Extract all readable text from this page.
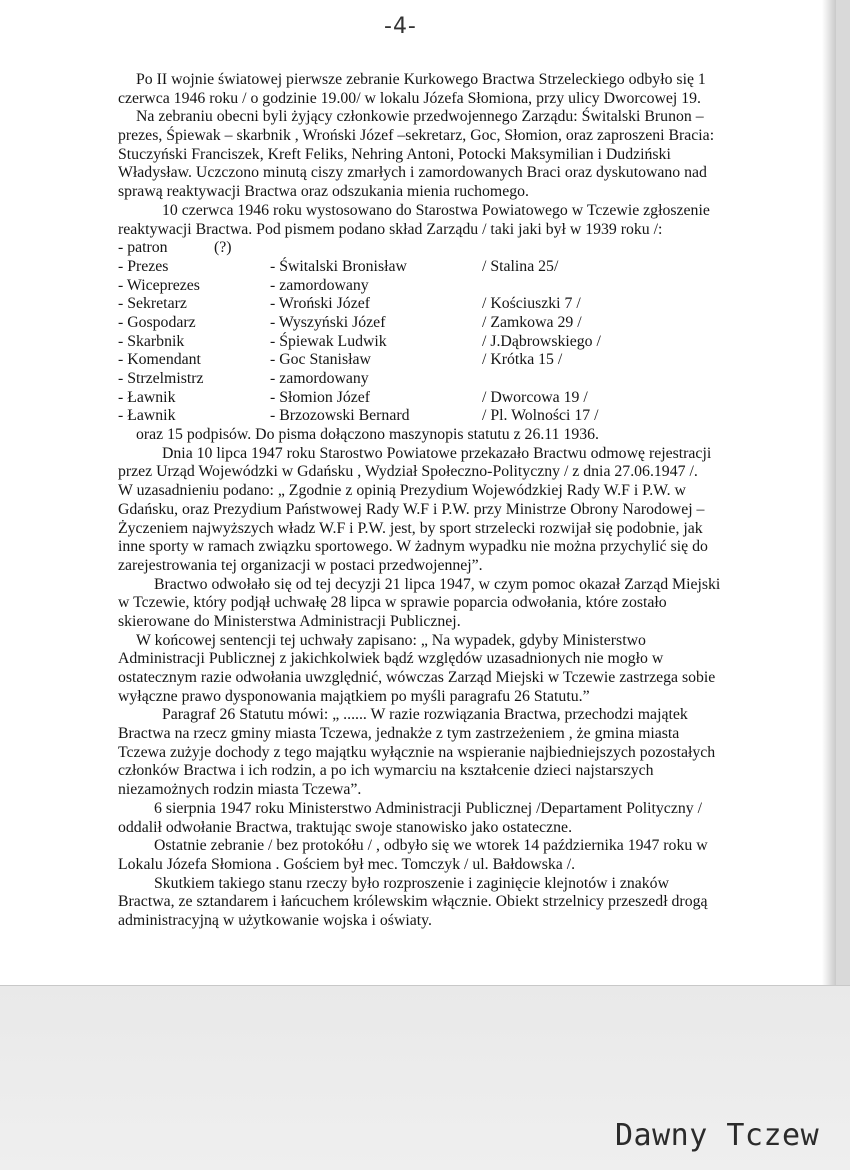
-4-
Po II wojnie światowej pierwsze zebranie Kurkowego Bractwa Strzeleckiego odbyło się 1
czerwca 1946 roku / o godzinie 19.00/ w lokalu Józefa Słomiona, przy ulicy Dworcowej 19.
Na zebraniu obecni byli żyjący członkowie przedwojennego Zarządu: Świtalski Brunon –
prezes, Śpiewak – skarbnik , Wroński Józef –sekretarz, Goc, Słomion, oraz zaproszeni Bracia:
Stuczyński Franciszek, Kreft Feliks, Nehring Antoni, Potocki Maksymilian i Dudziński
Władysław. Uczczono minutą ciszy zmarłych i zamordowanych Braci oraz dyskutowano nad
sprawą reaktywacji Bractwa oraz odszukania mienia ruchomego.
10 czerwca 1946 roku wystosowano do Starostwa Powiatowego w Tczewie zgłoszenie
reaktywacji Bractwa. Pod pismem podano skład Zarządu / taki jaki był w 1939 roku /:
- patron	(?)
- Prezes	- Świtalski Bronisław	/ Stalina 25/
- Wiceprezes	- zamordowany
- Sekretarz	- Wroński Józef	/ Kościuszki 7 /
- Gospodarz	- Wyszyński Józef	/ Zamkowa 29 /
- Skarbnik	- Śpiewak Ludwik	/ J.Dąbrowskiego /
- Komendant	- Goc Stanisław	/ Krótka 15 /
- Strzelmistrz	- zamordowany
- Ławnik	- Słomion Józef	/ Dworcowa 19 /
- Ławnik	- Brzozowski Bernard	/ Pl. Wolności 17 /
oraz 15 podpisów. Do pisma dołączono maszynopis statutu z 26.11 1936.
Dnia 10 lipca 1947 roku Starostwo Powiatowe przekazało Bractwu odmowę rejestracji
przez Urząd Wojewódzki w Gdańsku , Wydział Społeczno-Polityczny / z dnia 27.06.1947 /.
W uzasadnieniu podano: „ Zgodnie z opinią Prezydium Wojewódzkiej Rady W.F i P.W. w
Gdańsku, oraz Prezydium Państwowej Rady W.F i P.W. przy Ministrze Obrony Narodowej –
Życzeniem najwyższych władz W.F i P.W. jest, by sport strzelecki rozwijał się podobnie, jak
inne sporty w ramach związku sportowego. W żadnym wypadku nie można przychylić się do
zarejestrowania tej organizacji w postaci przedwojennej”.
Bractwo odwołało się od tej decyzji 21 lipca 1947, w czym pomoc okazał Zarząd Miejski
w Tczewie, który podjął uchwałę 28 lipca w sprawie poparcia odwołania, które zostało
skierowane do Ministerstwa Administracji Publicznej.
W końcowej sentencji tej uchwały zapisano: „ Na wypadek, gdyby Ministerstwo
Administracji Publicznej z jakichkolwiek bądź względów uzasadnionych nie mogło w
ostatecznym razie odwołania uwzględnić, wówczas Zarząd Miejski w Tczewie zastrzega sobie
wyłączne prawo dysponowania majątkiem po myśli paragrafu 26 Statutu.”
Paragraf 26 Statutu mówi: „ ...... W razie rozwiązania Bractwa, przechodzi majątek
Bractwa na rzecz gminy miasta Tczewa, jednakże z tym zastrzeżeniem , że gmina miasta
Tczewa zużyje dochody z tego majątku wyłącznie na wspieranie najbiedniejszych pozostałych
członków Bractwa i ich rodzin, a po ich wymarciu na kształcenie dzieci najstarszych
niezamożnych rodzin miasta Tczewa”.
6 sierpnia 1947 roku Ministerstwo Administracji Publicznej /Departament Polityczny /
oddalił odwołanie Bractwa, traktując swoje stanowisko jako ostateczne.
Ostatnie zebranie / bez protokółu / , odbyło się we wtorek 14 października 1947 roku w
Lokalu Józefa Słomiona . Gościem był mec. Tomczyk / ul. Bałdowska /.
Skutkiem takiego stanu rzeczy było rozproszenie i zaginięcie klejnotów i znaków
Bractwa, ze sztandarem i łańcuchem królewskim włącznie. Obiekt strzelnicy przeszedł drogą
administracyjną w użytkowanie wojska i oświaty.
Dawny Tczew
